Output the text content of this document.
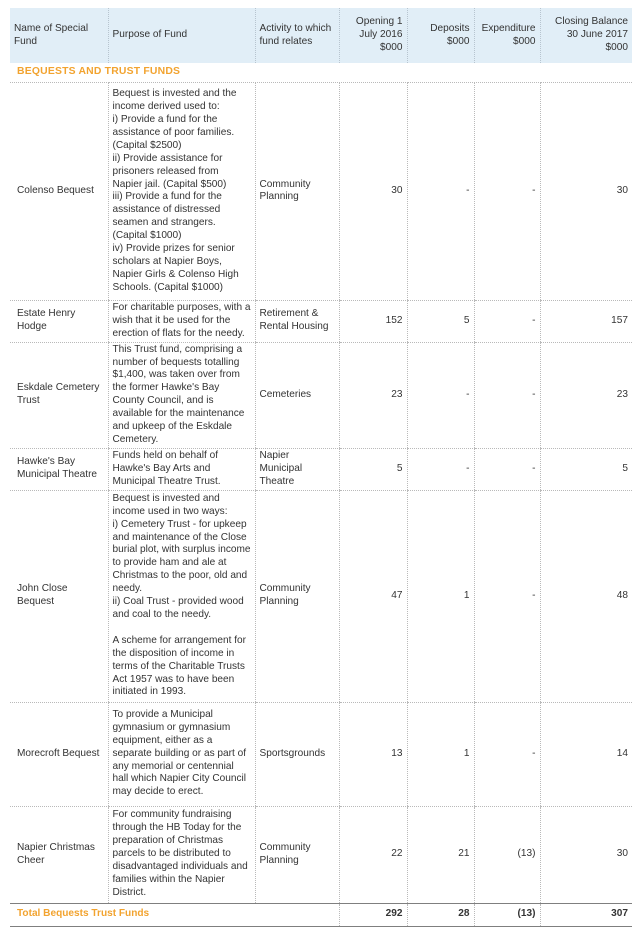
Name of Special Fund	Purpose of Fund	Activity to which fund relates	Opening 1 July 2016 $000	Deposits $000	Expenditure $000	Closing Balance 30 June 2017 $000
BEQUESTS AND TRUST FUNDS						
Colenso Bequest	Bequest is invested and the income derived used to:
i) Provide a fund for the assistance of poor families. (Capital $2500)
ii) Provide assistance for prisoners released from Napier jail. (Capital $500)
iii) Provide a fund for the assistance of distressed seamen and strangers. (Capital $1000)
iv) Provide prizes for senior scholars at Napier Boys, Napier Girls & Colenso High Schools. (Capital $1000)	Community Planning	30	-	-	30
Estate Henry Hodge	For charitable purposes, with a wish that it be used for the erection of flats for the needy.	Retirement & Rental Housing	152	5	-	157
Eskdale Cemetery Trust	This Trust fund, comprising a number of bequests totalling $1,400, was taken over from the former Hawke's Bay County Council, and is available for the maintenance and upkeep of the Eskdale Cemetery.	Cemeteries	23	-	-	23
Hawke's Bay Municipal Theatre	Funds held on behalf of Hawke's Bay Arts and Municipal Theatre Trust.	Napier Municipal Theatre	5	-	-	5
John Close Bequest	Bequest is invested and income used in two ways:
i) Cemetery Trust - for upkeep and maintenance of the Close burial plot, with surplus income to provide ham and ale at Christmas to the poor, old and needy.
ii) Coal Trust - provided wood and coal to the needy.

A scheme for arrangement for the disposition of income in terms of the Charitable Trusts Act 1957 was to have been initiated in 1993.	Community Planning	47	1	-	48
Morecroft Bequest	To provide a Municipal gymnasium or gymnasium equipment, either as a separate building or as part of any memorial or centennial hall which Napier City Council may decide to erect.	Sportsgrounds	13	1	-	14
Napier Christmas Cheer	For community fundraising through the HB Today for the preparation of Christmas parcels to be distributed to disadvantaged individuals and families within the Napier District.	Community Planning	22	21	(13)	30
Total Bequests Trust Funds			292	28	(13)	307
